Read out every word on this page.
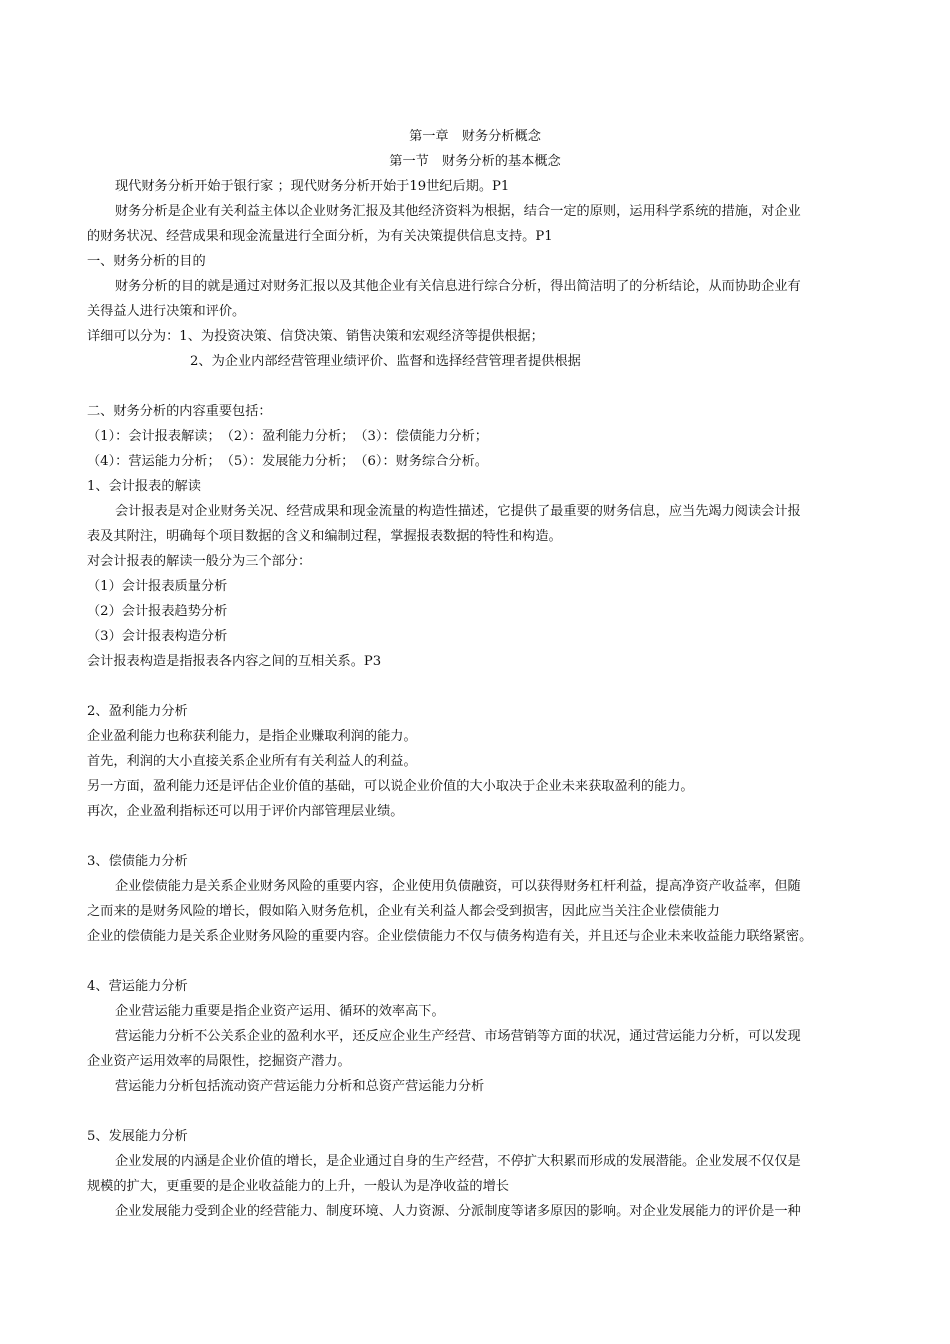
第一章　财务分析概念
第一节　财务分析的基本概念
现代财务分析开始于银行家 ；现代财务分析开始于19世纪后期。P1
财务分析是企业有关利益主体以企业财务汇报及其他经济资料为根据，结合一定的原则，运用科学系统的措施，对企业
的财务状况、经营成果和现金流量进行全面分析，为有关决策提供信息支持。P1
一、财务分析的目的
财务分析的目的就是通过对财务汇报以及其他企业有关信息进行综合分析，得出简洁明了的分析结论，从而协助企业有
关得益人进行决策和评价。
详细可以分为：1、为投资决策、信贷决策、销售决策和宏观经济等提供根据；
2、为企业内部经营管理业绩评价、监督和选择经营管理者提供根据
二、财务分析的内容重要包括：
（1）：会计报表解读；　（2）：盈利能力分析；　（3）：偿债能力分析；
（4）：营运能力分析；　（5）：发展能力分析；　（6）：财务综合分析。
1、会计报表的解读
会计报表是对企业财务关况、经营成果和现金流量的构造性描述，它提供了最重要的财务信息，应当先竭力阅读会计报
表及其附注，明确每个项目数据的含义和编制过程，掌握报表数据的特性和构造。
对会计报表的解读一般分为三个部分：
（1）会计报表质量分析
（2）会计报表趋势分析
（3）会计报表构造分析
会计报表构造是指报表各内容之间的互相关系。P3
2、盈利能力分析
企业盈利能力也称获利能力，是指企业赚取利润的能力。
首先，利润的大小直接关系企业所有有关利益人的利益。
另一方面，盈利能力还是评估企业价值的基础，可以说企业价值的大小取决于企业未来获取盈利的能力。
再次，企业盈利指标还可以用于评价内部管理层业绩。
3、偿债能力分析
企业偿债能力是关系企业财务风险的重要内容，企业使用负债融资，可以获得财务杠杆利益，提高净资产收益率，但随
之而来的是财务风险的增长，假如陷入财务危机，企业有关利益人都会受到损害，因此应当关注企业偿债能力
企业的偿债能力是关系企业财务风险的重要内容。企业偿债能力不仅与债务构造有关，并且还与企业未来收益能力联络紧密。
4、营运能力分析
企业营运能力重要是指企业资产运用、循环的效率高下。
营运能力分析不公关系企业的盈利水平，还反应企业生产经营、市场营销等方面的状况，通过营运能力分析，可以发现
企业资产运用效率的局限性，挖掘资产潜力。
营运能力分析包括流动资产营运能力分析和总资产营运能力分析
5、发展能力分析
企业发展的内涵是企业价值的增长，是企业通过自身的生产经营，不停扩大积累而形成的发展潜能。企业发展不仅仅是
规模的扩大，更重要的是企业收益能力的上升，一般认为是净收益的增长
企业发展能力受到企业的经营能力、制度环境、人力资源、分派制度等诸多原因的影响。对企业发展能力的评价是一种
